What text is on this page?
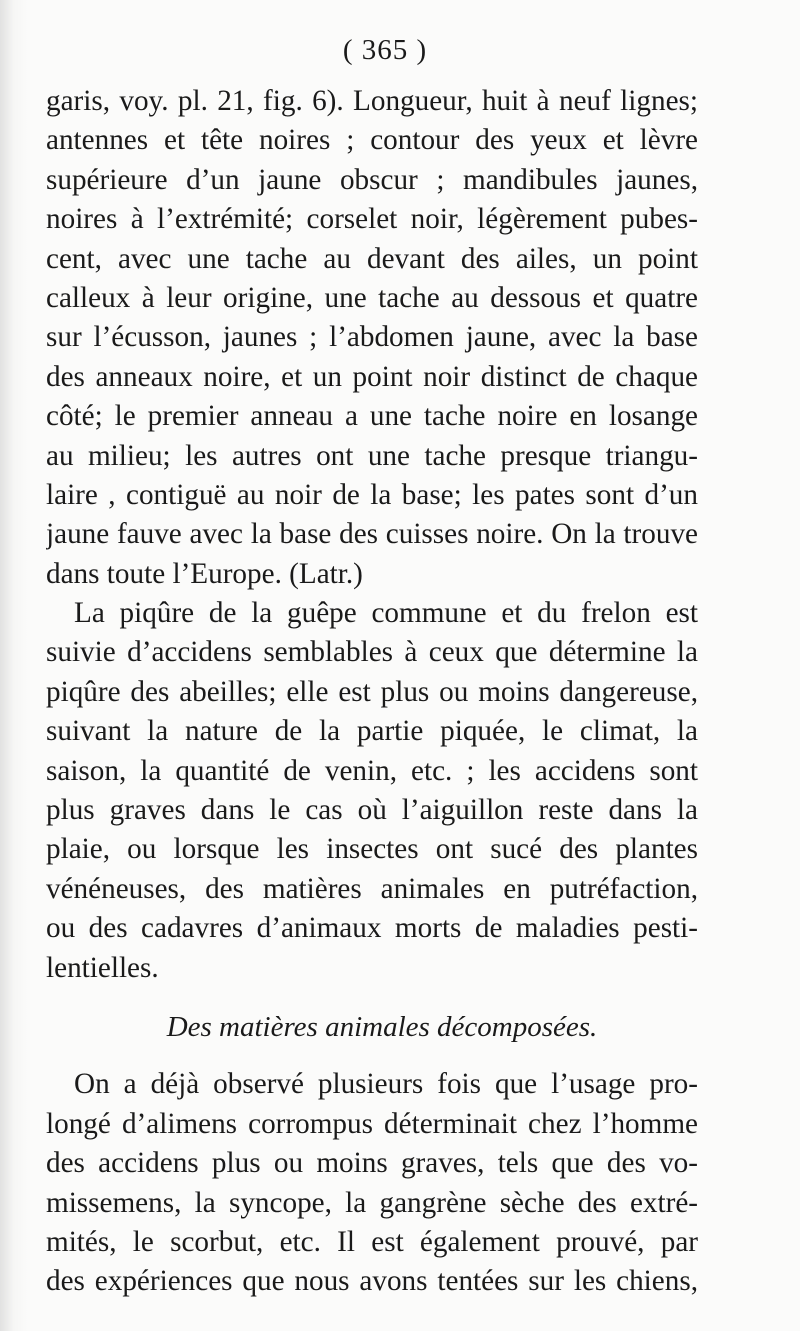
( 365 )
garis, voy. pl. 21, fig. 6). Longueur, huit à neuf lignes;
antennes et tête noires ; contour des yeux et lèvre
supérieure d’un jaune obscur ; mandibules jaunes,
noires à l’extrémité; corselet noir, légèrement pubes-
cent, avec une tache au devant des ailes, un point
calleux à leur origine, une tache au dessous et quatre
sur l’écusson, jaunes ; l’abdomen jaune, avec la base
des anneaux noire, et un point noir distinct de chaque
côté; le premier anneau a une tache noire en losange
au milieu; les autres ont une tache presque triangu-
laire , contiguë au noir de la base; les pates sont d’un
jaune fauve avec la base des cuisses noire. On la trouve
dans toute l’Europe. (Latr.)
La piqûre de la guêpe commune et du frelon est
suivie d’accidens semblables à ceux que détermine la
piqûre des abeilles; elle est plus ou moins dangereuse,
suivant la nature de la partie piquée, le climat, la
saison, la quantité de venin, etc. ; les accidens sont
plus graves dans le cas où l’aiguillon reste dans la
plaie, ou lorsque les insectes ont sucé des plantes
vénéneuses, des matières animales en putréfaction,
ou des cadavres d’animaux morts de maladies pesti-
lentielles.
Des matières animales décomposées.
On a déjà observé plusieurs fois que l’usage pro-
longé d’alimens corrompus déterminait chez l’homme
des accidens plus ou moins graves, tels que des vo-
missemens, la syncope, la gangrène sèche des extré-
mités, le scorbut, etc. Il est également prouvé, par
des expériences que nous avons tentées sur les chiens,
